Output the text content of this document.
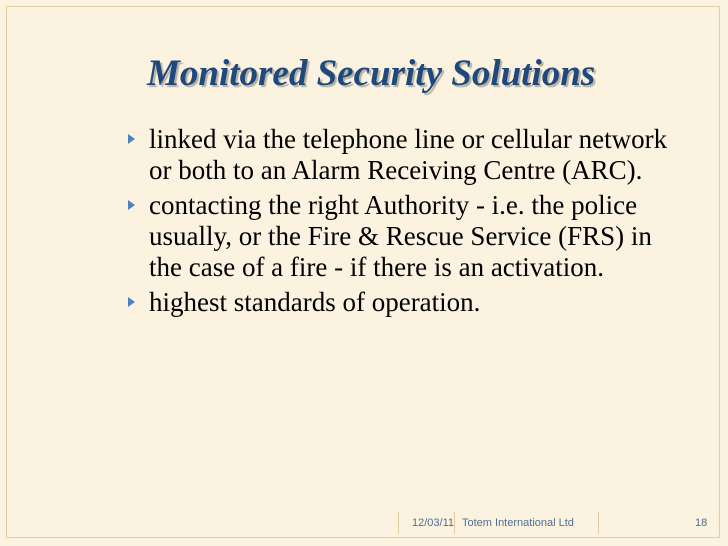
Monitored Security Solutions
linked via the telephone line or cellular network or both to an Alarm Receiving Centre (ARC).
contacting the right Authority - i.e. the police usually, or the Fire & Rescue Service (FRS) in the case of a fire - if there is an activation.
highest standards of operation.
12/03/11 Totem International Ltd	18
